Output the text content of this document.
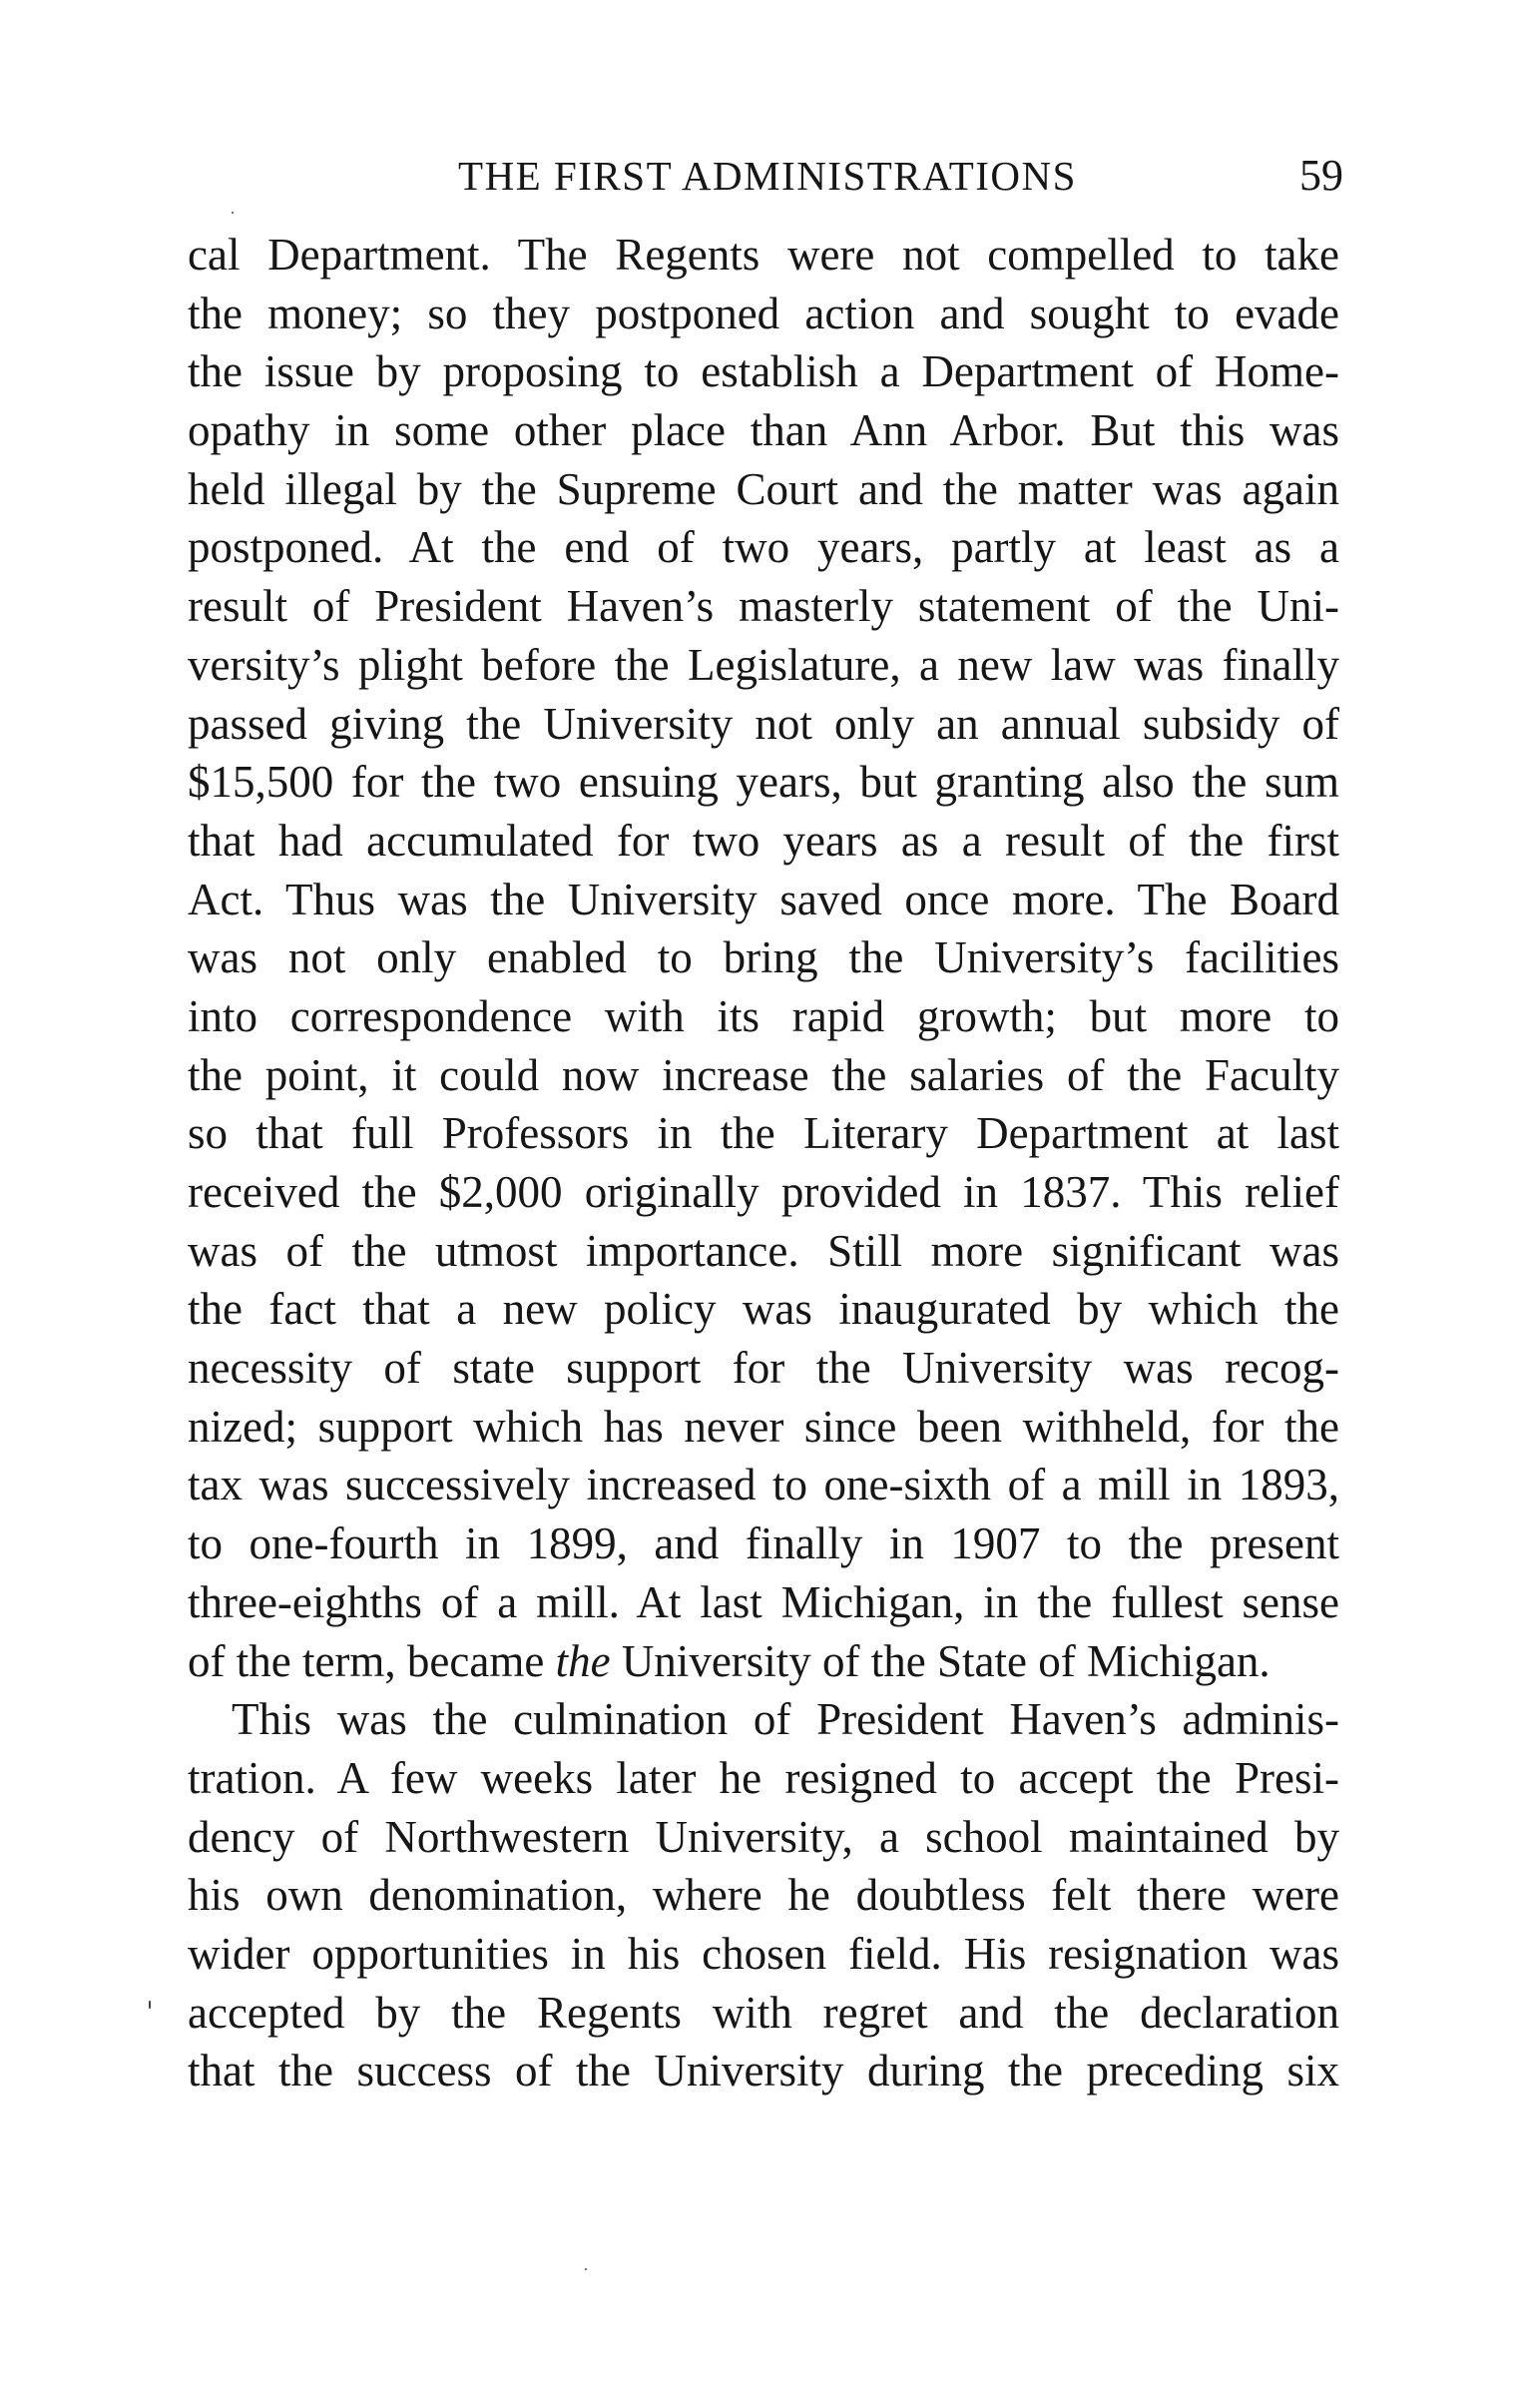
THE FIRST ADMINISTRATIONS	59
cal Department. The Regents were not compelled to take
the money; so they postponed action and sought to evade
the issue by proposing to establish a Department of Home-
opathy in some other place than Ann Arbor. But this was
held illegal by the Supreme Court and the matter was again
postponed. At the end of two years, partly at least as a
result of President Haven’s masterly statement of the Uni-
versity’s plight before the Legislature, a new law was finally
passed giving the University not only an annual subsidy of
$15,500 for the two ensuing years, but granting also the sum
that had accumulated for two years as a result of the first
Act. Thus was the University saved once more. The Board
was not only enabled to bring the University’s facilities
into correspondence with its rapid growth; but more to
the point, it could now increase the salaries of the Faculty
so that full Professors in the Literary Department at last
received the $2,000 originally provided in 1837. This relief
was of the utmost importance. Still more significant was
the fact that a new policy was inaugurated by which the
necessity of state support for the University was recog-
nized; support which has never since been withheld, for the
tax was successively increased to one-sixth of a mill in 1893,
to one-fourth in 1899, and finally in 1907 to the present
three-eighths of a mill. At last Michigan, in the fullest sense
of the term, became the University of the State of Michigan.
This was the culmination of President Haven’s adminis-
tration. A few weeks later he resigned to accept the Presi-
dency of Northwestern University, a school maintained by
his own denomination, where he doubtless felt there were
wider opportunities in his chosen field. His resignation was
accepted by the Regents with regret and the declaration
that the success of the University during the preceding six
